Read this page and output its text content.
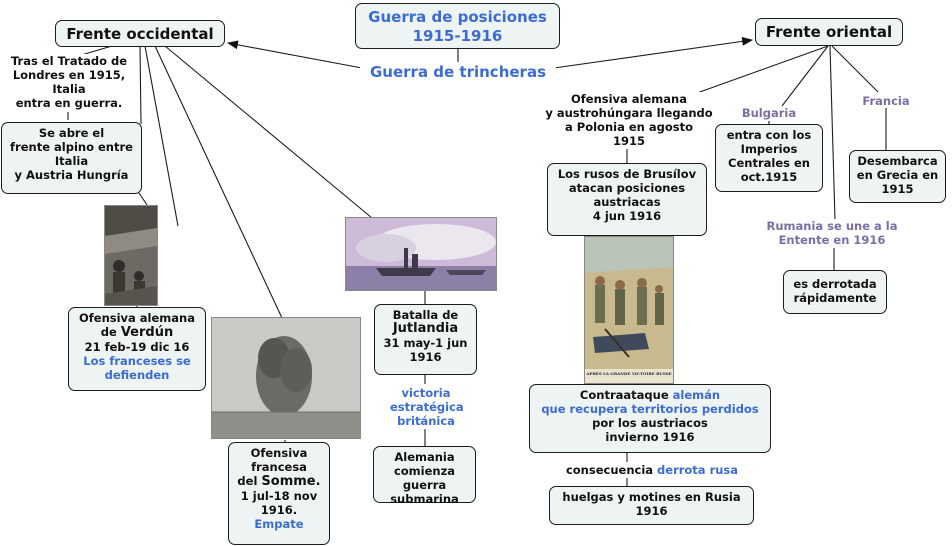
Guerra de posiciones
1915-1916
Guerra de trincheras
Frente occidental
Tras el Tratado de
Londres en 1915,
Italia
entra en guerra.
Se abre el
frente alpino entre
Italia
y Austria Hungría
Ofensiva alemana
de Verdún
21 feb-19 dic 16
Los franceses se
defienden
Ofensiva
francesa
del Somme.
1 jul-18 nov
1916.
Empate
Batalla de
Jutlandia
31 may-1 jun
1916
victoria
estratégica
británica
Alemania
comienza guerra
submarina
Frente oriental
Ofensiva alemana
y austrohúngara llegando
a Polonia en agosto
1915
Bulgaria
entra con los
Imperios
Centrales en
oct.1915
Francia
Desembarca
en Grecia en
1915
Rumania se une a la
Entente en 1916
es derrotada
rápidamente
Los rusos de Brusílov
atacan posiciones
austriacas
4 jun 1916
APRÈS LA GRANDE VICTOIRE RUSSE
Contraataque alemán
que recupera territorios perdidos
por los austriacos
invierno 1916
consecuencia derrota rusa
huelgas y motines en Rusia
1916
